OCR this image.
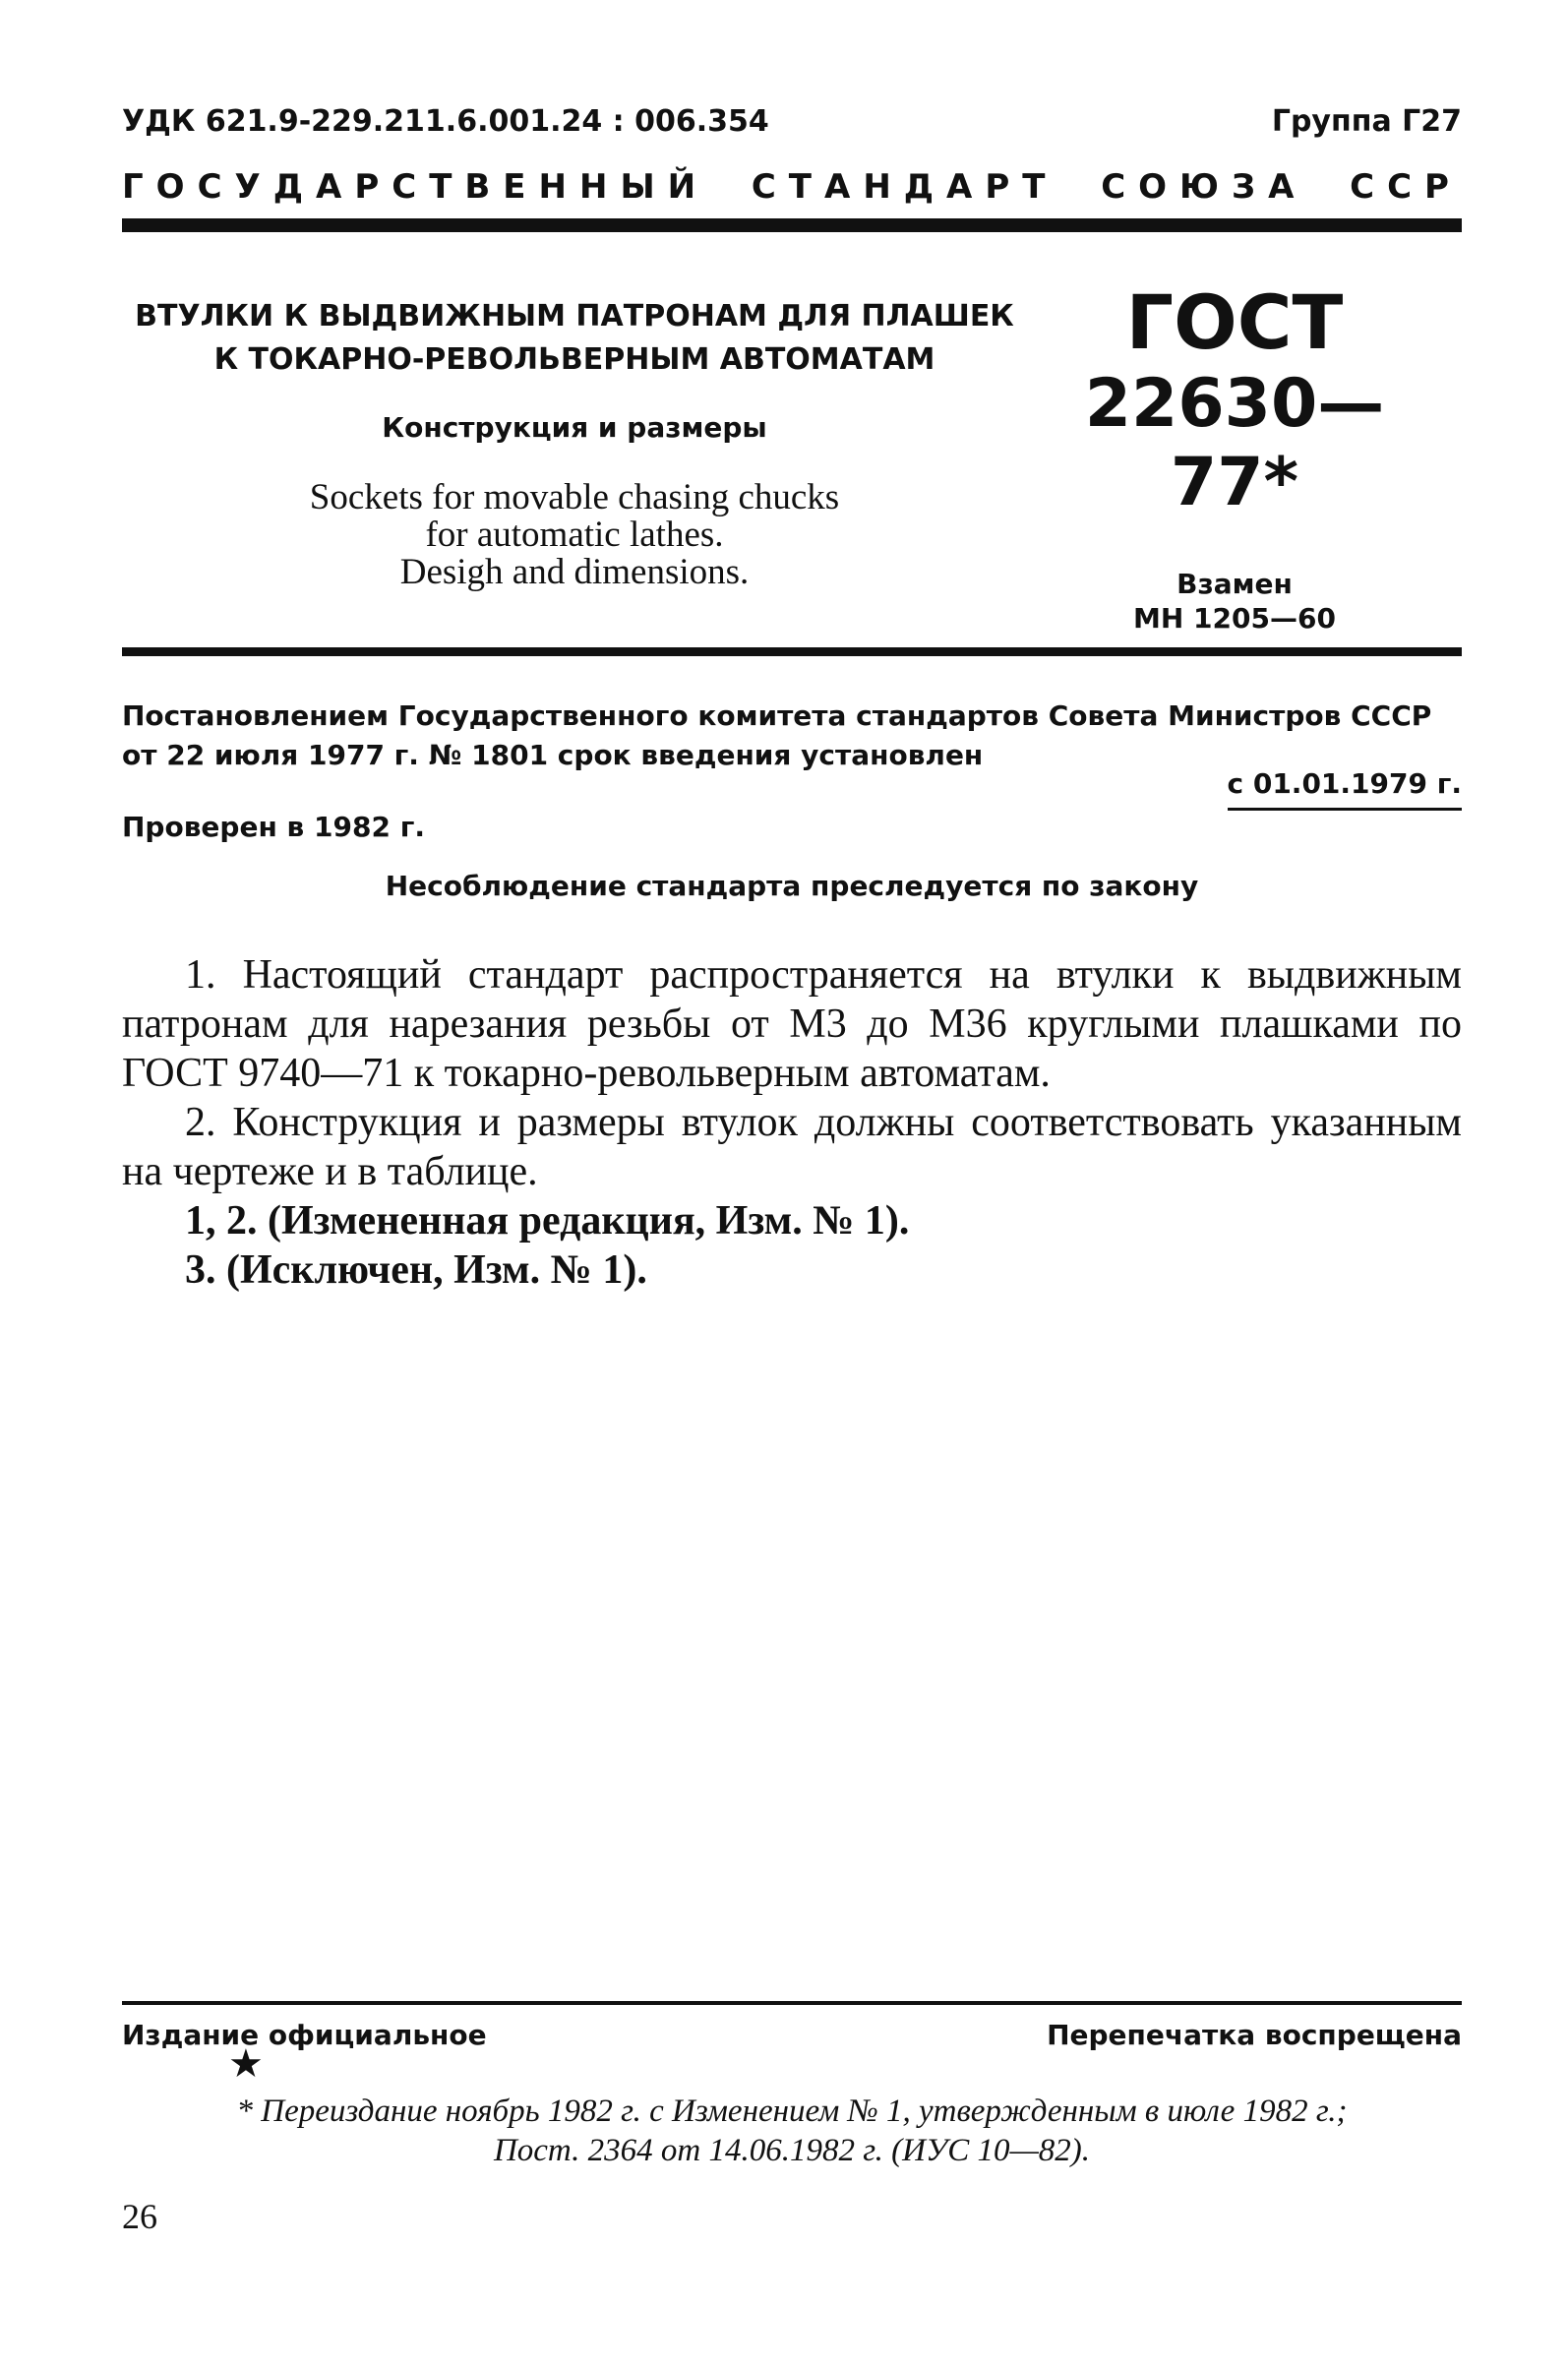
УДК 621.9-229.211.6.001.24 : 006.354	Группа Г27
ГОСУДАРСТВЕННЫЙ СТАНДАРТ СОЮЗА ССР
ВТУЛКИ К ВЫДВИЖНЫМ ПАТРОНАМ ДЛЯ ПЛАШЕК
К ТОКАРНО-РЕВОЛЬВЕРНЫМ АВТОМАТАМ
Конструкция и размеры
Sockets for movable chasing chucks
for automatic lathes.
Desigh and dimensions.
ГОСТ
22630—77*
Взамен
МН 1205—60
Постановлением Государственного комитета стандартов Совета Министров СССР
от 22 июля 1977 г. № 1801 срок введения установлен
с 01.01.1979 г.
Проверен в 1982 г.
Несоблюдение стандарта преследуется по закону

1. Настоящий стандарт распространяется на втулки к выдвижным патронам для нарезания резьбы от М3 до М36 круглыми плашками по ГОСТ 9740—71 к токарно-револьверным автоматам.

2. Конструкция и размеры втулок должны соответствовать указанным на чертеже и в таблице.

1, 2. (Измененная редакция, Изм. № 1).

3. (Исключен, Изм. № 1).

Издание официальное	Перепечатка воспрещена
★
* Переиздание ноябрь 1982 г. с Изменением № 1, утвержденным в июле 1982 г.;
Пост. 2364 от 14.06.1982 г. (ИУС 10—82).
26
